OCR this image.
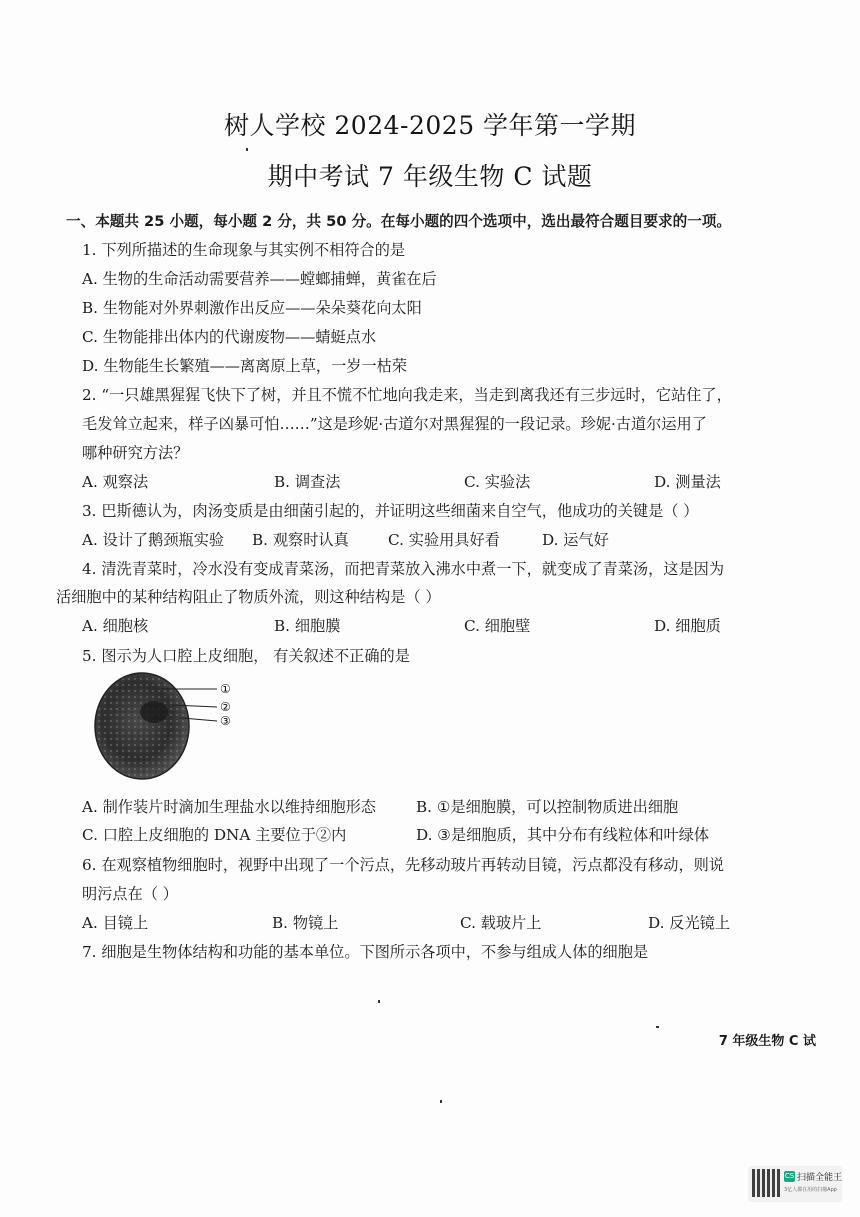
树人学校 2024-2025 学年第一学期
期中考试 7 年级生物 C 试题
一、本题共 25 小题，每小题 2 分，共 50 分。在每小题的四个选项中，选出最符合题目要求的一项。
1. 下列所描述的生命现象与其实例不相符合的是
A. 生物的生命活动需要营养——螳螂捕蝉，黄雀在后
B. 生物能对外界刺激作出反应——朵朵葵花向太阳
C. 生物能排出体内的代谢废物——蜻蜓点水
D. 生物能生长繁殖——离离原上草，一岁一枯荣
2. “一只雄黑猩猩飞快下了树，并且不慌不忙地向我走来，当走到离我还有三步远时，它站住了，
毛发耸立起来，样子凶暴可怕……”这是珍妮·古道尔对黑猩猩的一段记录。珍妮·古道尔运用了
哪种研究方法？
A. 观察法	B. 调查法	C. 实验法	D. 测量法
3. 巴斯德认为，肉汤变质是由细菌引起的，并证明这些细菌来自空气，他成功的关键是（ ）
A. 设计了鹅颈瓶实验 B. 观察时认真	C. 实验用具好看	D. 运气好
4. 清洗青菜时，冷水没有变成青菜汤，而把青菜放入沸水中煮一下，就变成了青菜汤，这是因为
活细胞中的某种结构阻止了物质外流，则这种结构是（ ）
A. 细胞核	B. 细胞膜	C. 细胞壁	D. 细胞质
5. 图示为人口腔上皮细胞， 有关叙述不正确的是
①
②
③
A. 制作装片时滴加生理盐水以维持细胞形态	B. ①是细胞膜，可以控制物质进出细胞
C. 口腔上皮细胞的 DNA 主要位于②内	D. ③是细胞质，其中分布有线粒体和叶绿体
6. 在观察植物细胞时，视野中出现了一个污点，先移动玻片再转动目镜，污点都没有移动，则说
明污点在（ ）
A. 目镜上	B. 物镜上	C. 载玻片上	D. 反光镜上
7. 细胞是生物体结构和功能的基本单位。下图所示各项中，不参与组成人体的细胞是
7 年级生物 C 试
CS 扫描全能王
3亿人都在用的扫描App
